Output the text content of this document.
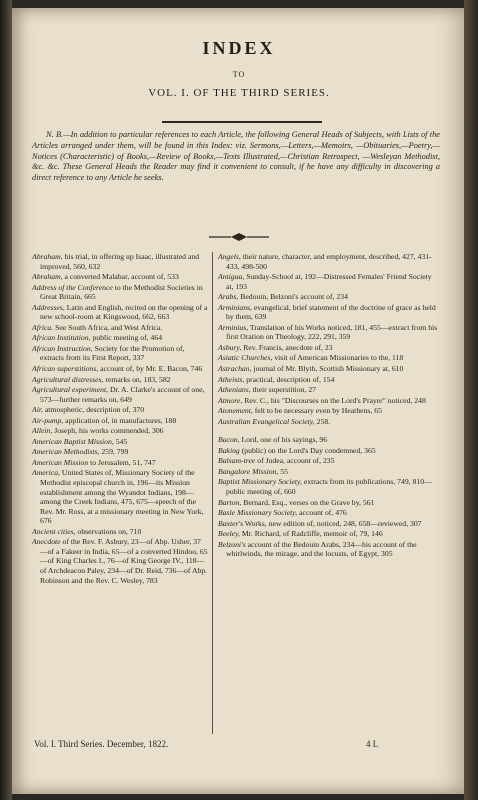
INDEX
TO
VOL. I. OF THE THIRD SERIES.
N. B.—In addition to particular references to each Article, the following General Heads of Subjects, with Lists of the Articles arranged under them, will be found in this Index: viz. Sermons,—Letters,—Memoirs, —Obituaries,—Poetry,—Notices (Characteristic) of Books,—Review of Books,—Texts Illustrated,—Christian Retrospect, —Wesleyan Methodist, &c. &c. These General Heads the Reader may find it convenient to consult, if he have any difficulty in discovering a direct reference to any Article he seeks.
Abraham, his trial, in offering up Isaac, illustrated and improved, 560, 632
Abraham, a converted Malabar, account of, 533
Address of the Conference to the Methodist Societies in Great Britain, 665
Addresses, Latin and English, recited on the opening of a new school-room at Kingswood, 662, 663
Africa. See South Africa, and West Africa.
African Institution, public meeting of, 464
African Instruction, Society for the Promotion of, extracts from its First Report, 337
African superstitions, account of, by Mr. E. Bacon, 746
Agricultural distresses, remarks on, 183, 582
Agricultural experiment, Dr. A. Clarke's account of one, 573—further remarks on, 649
Air, atmospheric, description of, 370
Air-pump, application of, in manufactures, 188
Allein, Joseph, his works commended, 306
American Baptist Mission, 545
American Methodists, 259, 799
American Mission to Jerusalem, 51, 747
America, United States of, Missionary Society of the Methodist episcopal church in, 196—its Mission establishment among the Wyandot Indians, 198—among the Creek Indians, 475, 675—speech of the Rev. Mr. Ross, at a missionary meeting in New York, 676
Ancient cities, observations on, 710
Anecdote of the Rev. F. Asbury, 23—of Abp. Usher, 37—of a Fakeer in India, 65—of a converted Hindoo, 65—of King Charles I., 76—of King George IV., 118—of Archdeacon Paley, 234—of Dr. Reid, 736—of Abp. Robinson and the Rev. C. Wesley, 783
Angels, their nature, character, and employment, described, 427, 431-433, 498-500
Antigua, Sunday-School at, 192—Distressed Females' Friend Society at, 193
Arabs, Bedouin, Belzoni's account of, 234
Arminians, evangelical, brief statement of the doctrine of grace as held by them, 639
Arminius, Translation of his Works noticed, 181, 455—extract from his first Oration on Theology, 222, 291, 359
Asbury, Rev. Francis, anecdote of, 23
Asiatic Churches, visit of American Missionaries to the, 118
Astrachan, journal of Mr. Blyth, Scottish Missionary at, 610
Atheists, practical, description of, 154
Athenians, their superstition, 27
Atmore, Rev. C., his "Discourses on the Lord's Prayer" noticed, 248
Atonement, felt to be necessary even by Heathens, 65
Australian Evangelical Society, 258.
Bacon, Lord, one of his sayings, 96
Baking (public) on the Lord's Day condemned, 365
Balsam-tree of Judea, account of, 235
Bangalore Mission, 55
Baptist Missionary Society, extracts from its publications, 749, 810—public meeting of, 660
Barton, Bernard, Esq., verses on the Grave by, 561
Basle Missionary Society, account of, 476
Baxter's Works, new edition of, noticed, 248, 658—reviewed, 307
Beeley, Mr. Richard, of Radcliffe, memoir of, 79, 146
Belzoni's account of the Bedouin Arabs, 234—his account of the whirlwinds, the mirage, and the locusts, of Egypt, 305
Vol. I. Third Series. December, 1822.	4 L
